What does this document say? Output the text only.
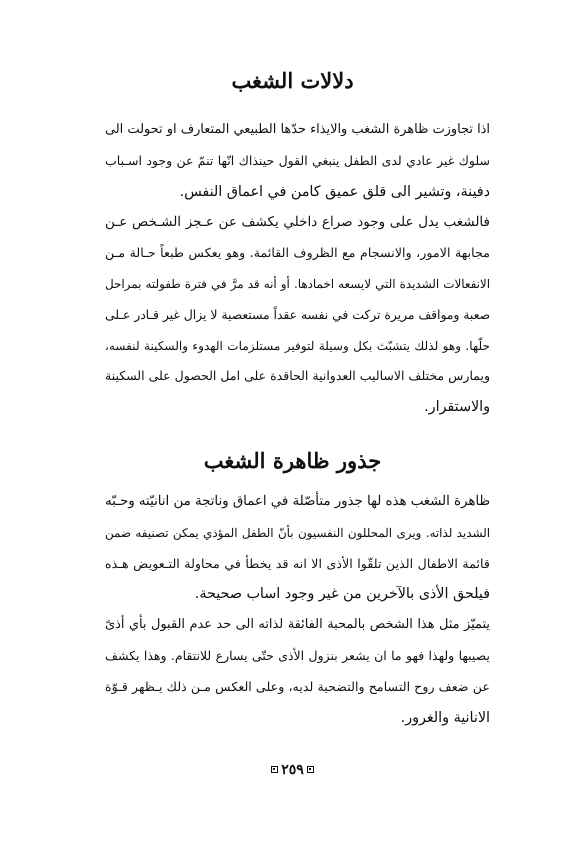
دلالات الشغب
اذا تجاوزت ظاهرة الشغب والايذاء حدّها الطبيعي المتعارف او تحولت الى
سلوك غير عادي لدى الطفل ينبغي القول حينذاك انّها تنمّ عن وجود اسـباب
دفينة، وتشير الى قلق عميق كامن في اعماق النفس.
فالشغب يدل على وجود صراع داخلي يكشف عن عـجز الشـخص عـن
مجابهة الامور، والانسجام مع الظروف القائمة. وهو يعكس طبعاً حـالة مـن
الانفعالات الشديدة التي لايسعه اخمادها. أو أنه قد مرَّ في فترة طفولته بمراحل
صعبة ومواقف مريرة تركت في نفسه عقداً مستعصية لا يزال غير قـادر عـلى
حلّها. وهو لذلك يتشبّث بكل وسيلة لتوفير مستلزمات الهدوء والسكينة لنفسه،
ويمارس مختلف الاساليب العدوانية الحاقدة على امل الحصول على السكينة
والاستقرار.
جذور ظاهرة الشغب
ظاهرة الشغب هذه لها جذور متأصّلة في اعماق وناتجة من انانيّته وحـبّه
الشديد لذاته. ويرى المحللون النفسيون بأنّ الطفل المؤذي يمكن تصنيفه ضمن
قائمة الاطفال الذين تلقّوا الأذى الا انه قد يخطأ في محاولة التـعويض هـذه
فيلحق الأذى بالآخرين من غير وجود اساب صحيحة.
يتميّز مثل هذا الشخص بالمحبة الفائقة لذاته الى حد عدم القبول بأي أذىً
يصيبها ولهذا فهو ما ان يشعر بنزول الأذى حتّى يسارع للانتقام. وهذا يكشف
عن ضعف روح التسامح والتضحية لديه، وعلى العكس مـن ذلك يـظهر قـوّة
الانانية والغرور.
٢٥٩
